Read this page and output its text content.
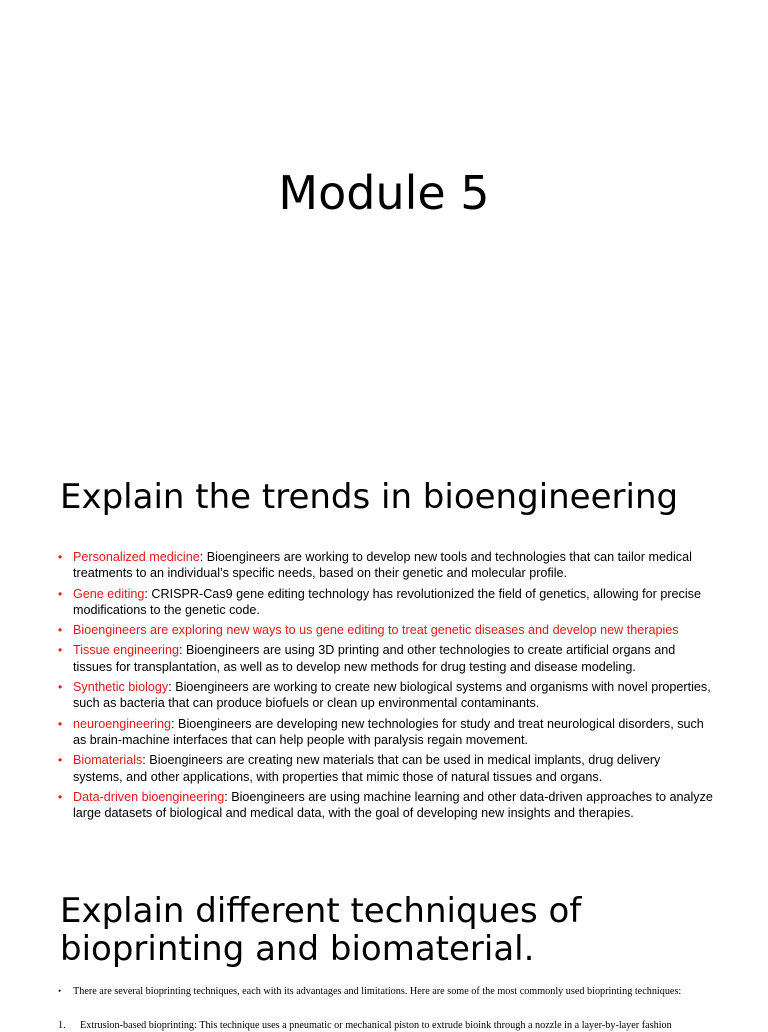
Module 5
Explain the trends in bioengineering
• Personalized medicine: Bioengineers are working to develop new tools and technologies that can tailor medical treatments to an individual’s specific needs, based on their genetic and molecular profile.
• Gene editing: CRISPR-Cas9 gene editing technology has revolutionized the field of genetics, allowing for precise modifications to the genetic code.
• Bioengineers are exploring new ways to us gene editing to treat genetic diseases and develop new therapies
• Tissue engineering: Bioengineers are using 3D printing and other technologies to create artificial organs and tissues for transplantation, as well as to develop new methods for drug testing and disease modeling.
• Synthetic biology: Bioengineers are working to create new biological systems and organisms with novel properties, such as bacteria that can produce biofuels or clean up environmental contaminants.
• neuroengineering: Bioengineers are developing new technologies for study and treat neurological disorders, such as brain-machine interfaces that can help people with paralysis regain movement.
• Biomaterials: Bioengineers are creating new materials that can be used in medical implants, drug delivery systems, and other applications, with properties that mimic those of natural tissues and organs.
• Data-driven bioengineering: Bioengineers are using machine learning and other data-driven approaches to analyze large datasets of biological and medical data, with the goal of developing new insights and therapies.
Explain different techniques of bioprinting and biomaterial.
• There are several bioprinting techniques, each with its advantages and limitations. Here are some of the most commonly used bioprinting techniques:
1. Extrusion-based bioprinting: This technique uses a pneumatic or mechanical piston to extrude bioink through a nozzle in a layer-by-layer fashion
